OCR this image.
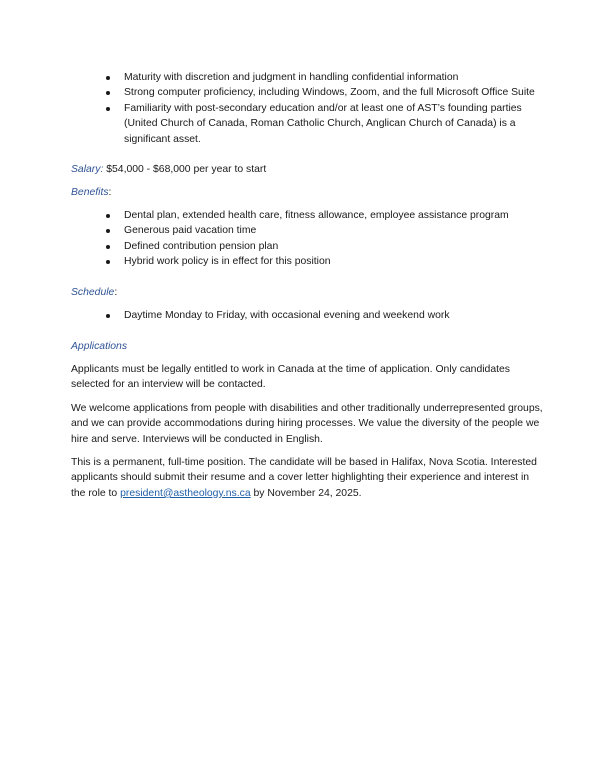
Maturity with discretion and judgment in handling confidential information
Strong computer proficiency, including Windows, Zoom, and the full Microsoft Office Suite
Familiarity with post-secondary education and/or at least one of AST’s founding parties (United Church of Canada, Roman Catholic Church, Anglican Church of Canada) is a significant asset.
Salary: $54,000 - $68,000 per year to start
Benefits:
Dental plan, extended health care, fitness allowance, employee assistance program
Generous paid vacation time
Defined contribution pension plan
Hybrid work policy is in effect for this position
Schedule:
Daytime Monday to Friday, with occasional evening and weekend work
Applications

Applicants must be legally entitled to work in Canada at the time of application. Only candidates selected for an interview will be contacted.

We welcome applications from people with disabilities and other traditionally underrepresented groups, and we can provide accommodations during hiring processes. We value the diversity of the people we hire and serve. Interviews will be conducted in English.

This is a permanent, full-time position. The candidate will be based in Halifax, Nova Scotia. Interested applicants should submit their resume and a cover letter highlighting their experience and interest in the role to president@astheology.ns.ca by November 24, 2025.
